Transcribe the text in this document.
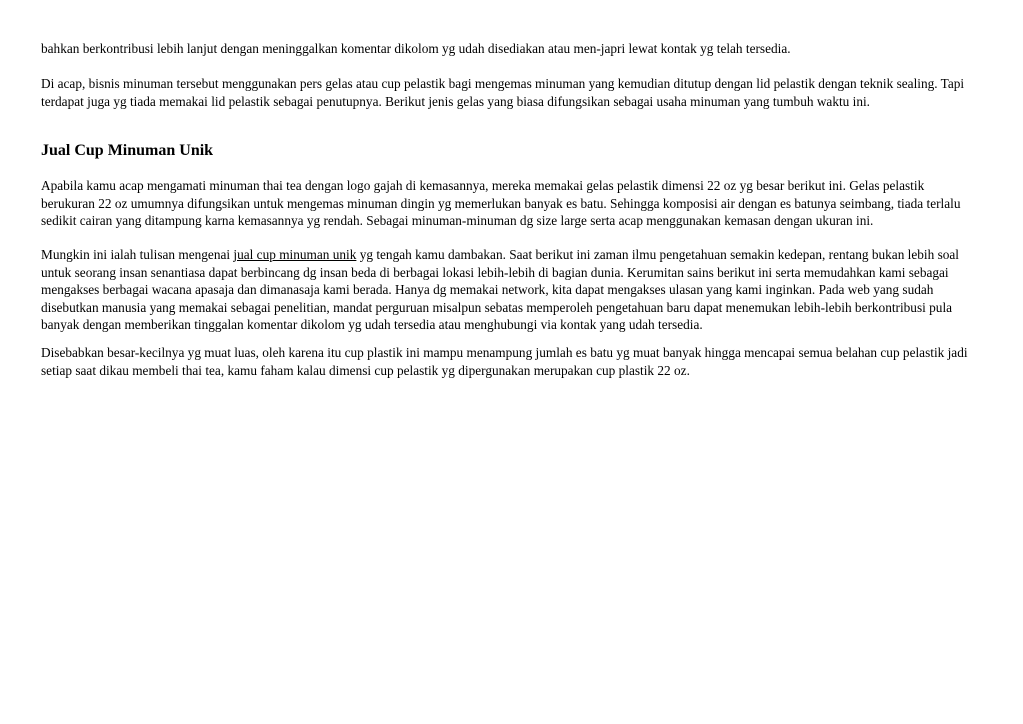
bahkan berkontribusi lebih lanjut dengan meninggalkan komentar dikolom yg udah disediakan atau men-japri lewat kontak yg telah tersedia.

Di acap, bisnis minuman tersebut menggunakan pers gelas atau cup pelastik bagi mengemas minuman yang kemudian ditutup dengan lid pelastik dengan teknik sealing. Tapi terdapat juga yg tiada memakai lid pelastik sebagai penutupnya. Berikut jenis gelas yang biasa difungsikan sebagai usaha minuman yang tumbuh waktu ini.

Jual Cup Minuman Unik

Apabila kamu acap mengamati minuman thai tea dengan logo gajah di kemasannya, mereka memakai gelas pelastik dimensi 22 oz yg besar berikut ini. Gelas pelastik berukuran 22 oz umumnya difungsikan untuk mengemas minuman dingin yg memerlukan banyak es batu. Sehingga komposisi air dengan es batunya seimbang, tiada terlalu sedikit cairan yang ditampung karna kemasannya yg rendah. Sebagai minuman-minuman dg size large serta acap menggunakan kemasan dengan ukuran ini.

Mungkin ini ialah tulisan mengenai jual cup minuman unik yg tengah kamu dambakan. Saat berikut ini zaman ilmu pengetahuan semakin kedepan, rentang bukan lebih soal untuk seorang insan senantiasa dapat berbincang dg insan beda di berbagai lokasi lebih-lebih di bagian dunia. Kerumitan sains berikut ini serta memudahkan kami sebagai mengakses berbagai wacana apasaja dan dimanasaja kami berada. Hanya dg memakai network, kita dapat mengakses ulasan yang kami inginkan. Pada web yang sudah disebutkan manusia yang memakai sebagai penelitian, mandat perguruan misalpun sebatas memperoleh pengetahuan baru dapat menemukan lebih-lebih berkontribusi pula banyak dengan memberikan tinggalan komentar dikolom yg udah tersedia atau menghubungi via kontak yang udah tersedia.

Disebabkan besar-kecilnya yg muat luas, oleh karena itu cup plastik ini mampu menampung jumlah es batu yg muat banyak hingga mencapai semua belahan cup pelastik jadi setiap saat dikau membeli thai tea, kamu faham kalau dimensi cup pelastik yg dipergunakan merupakan cup plastik 22 oz.
